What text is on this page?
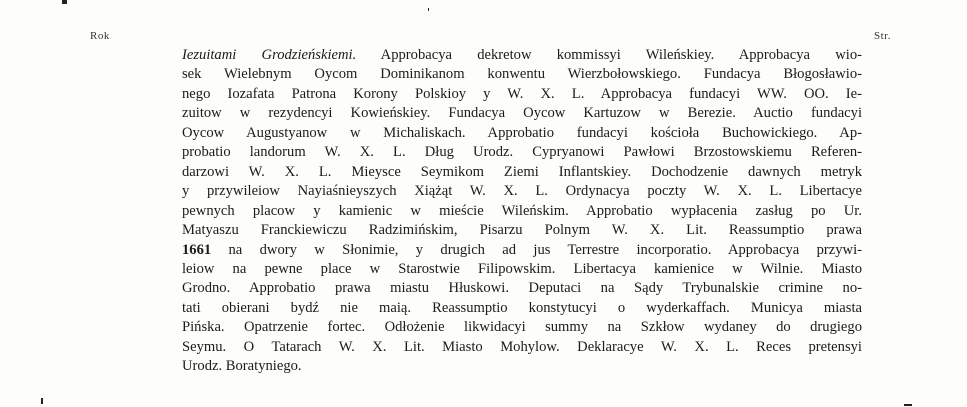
Rok	Str.
Iezuitami Grodzieńskiemi. Approbacya dekretow kommissyi Wileńskiey. Approbacya wio-
sek Wielebnym Oycom Dominikanom konwentu Wierzbołowskiego. Fundacya Błogosławio-
nego Iozafata Patrona Korony Polskioy y W. X. L. Approbacya fundacyi WW. OO. Ie-
zuitow w rezydencyi Kowieńskiey. Fundacya Oycow Kartuzow w Berezie. Auctio fundacyi
Oycow Augustyanow w Michaliskach. Approbatio fundacyi kościoła Buchowickiego. Ap-
probatio landorum W. X. L. Dług Urodz. Cypryanowi Pawłowi Brzostowskiemu Referen-
darzowi W. X. L. Mieysce Seymikom Ziemi Inflantskiey. Dochodzenie dawnych metryk
y przywileiow Nayiaśnieyszych Xiążąt W. X. L. Ordynacya poczty W. X. L. Libertacye
pewnych placow y kamienic w mieście Wileńskim. Approbatio wypłacenia zasług po Ur.
Matyaszu Franckiewiczu Radzimińskim, Pisarzu Polnym W. X. Lit. Reassumptio prawa
1661 na dwory w Słonimie, y drugich ad jus Terrestre incorporatio. Approbacya przywi-
leiow na pewne place w Starostwie Filipowskim. Libertacya kamienice w Wilnie. Miasto
Grodno. Approbatio prawa miastu Hłuskowi. Deputaci na Sądy Trybunalskie crimine no-
tati obierani bydź nie maią. Reassumptio konstytucyi o wyderkaffach. Municya miasta
Pińska. Opatrzenie fortec. Odłożenie likwidacyi summy na Szkłow wydaney do drugiego
Seymu. O Tatarach W. X. Lit. Miasto Mohylow. Deklaracye W. X. L. Reces pretensyi
Urodz. Boratyniego.
